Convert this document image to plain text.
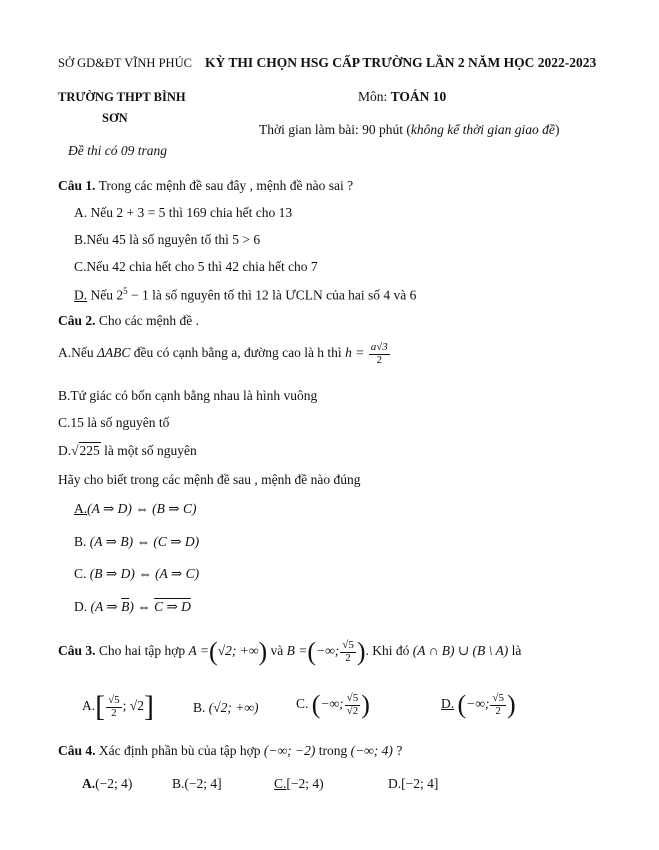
SỞ GD&ĐT VĨNH PHÚC KỲ THI CHỌN HSG CẤP TRƯỜNG LẦN 2 NĂM HỌC 2022-2023
TRƯỜNG THPT BÌNH
SƠN
Môn: TOÁN 10
Thời gian làm bài: 90 phút (không kể thời gian giao đề)
Đề thi có 09 trang
Câu 1. Trong các mệnh đề sau đây , mệnh đề nào sai ?
A. Nếu 2 + 3 = 5 thì 169 chia hết cho 13
B.Nếu 45 là số nguyên tố thì 5 > 6
C.Nếu 42 chia hết cho 5 thì 42 chia hết cho 7
D. Nếu $2^5 - 1$ là số nguyên tố thì 12 là ƯCLN của hai số 4 và 6
Câu 2. Cho các mệnh đề .
A.Nếu ΔABC đều có cạnh bằng a, đường cao là h thì $h = \frac{a√3}{2}$
B.Tứ giác có bốn cạnh bằng nhau là hình vuông
C.15 là số nguyên tố
D.√225 là một số nguyên
Hãy cho biết trong các mệnh đề sau , mệnh đề nào đúng
A.(A ⇒ D) ⇔ (B ⇒ C)
B. (A ⇒ B) ⇔ (C ⇒ D)
C. (B ⇒ D) ⇔ (A ⇒ C)
D. (A ⇒ $\overline{B}$) ⇔ C ⇒ D
Câu 3. Cho hai tập hợp A =(√2; +∞) và B =(−∞; $\frac{√5}{2}$ ). Khi đó (A ∩ B) ∪ (B \ A) là
$A.[ \frac{√5}{2}$ ; √2]	B. (√2; +∞)	C. (−∞; $\frac{√5}{√2}$ )	D. (−∞; $\frac{√5}{2}$ )
Câu 4. Xác định phần bù của tập hợp (−∞; −2) trong (−∞; 4) ?
A.(−2; 4)	B.(−2; 4]	C.[−2; 4)	D.[−2; 4]
